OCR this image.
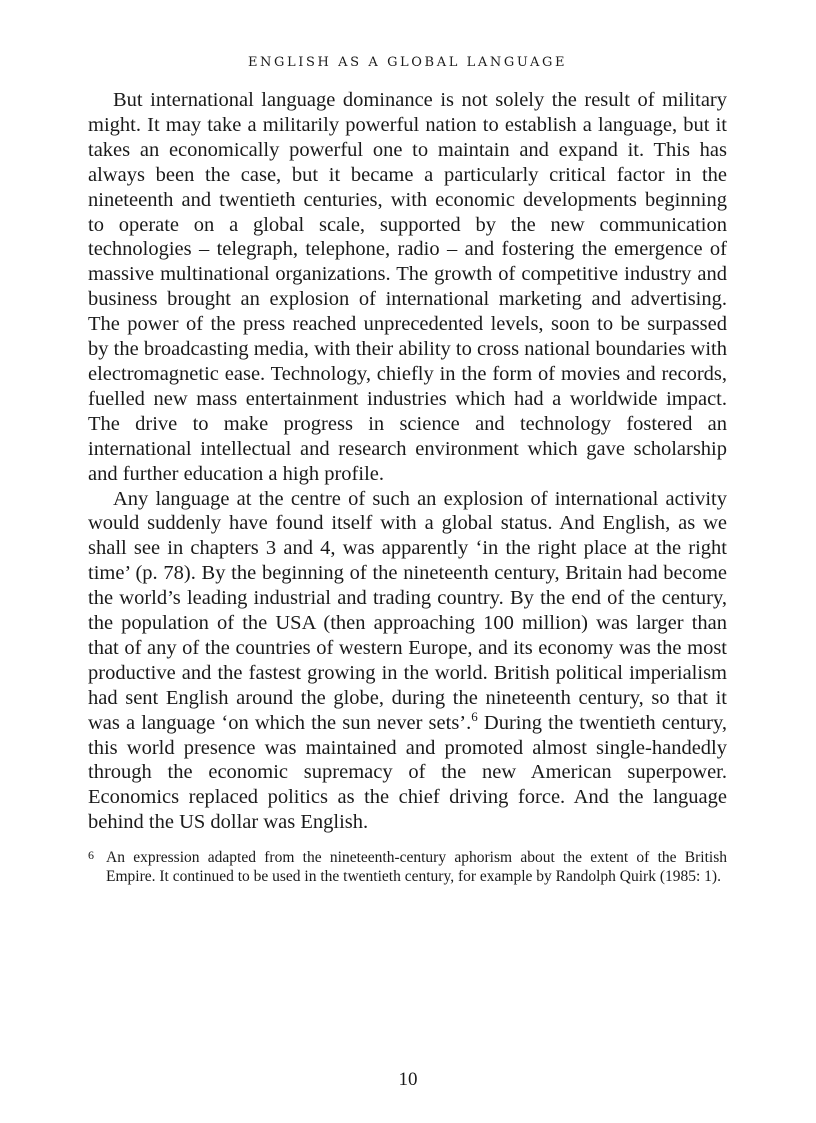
ENGLISH AS A GLOBAL LANGUAGE

But international language dominance is not solely the result of military might. It may take a militarily powerful nation to establish a language, but it takes an economically powerful one to maintain and expand it. This has always been the case, but it became a particularly critical factor in the nineteenth and twentieth centuries, with economic developments beginning to operate on a global scale, supported by the new communication technologies – telegraph, telephone, radio – and fostering the emergence of massive multinational organizations. The growth of competitive industry and business brought an explosion of international marketing and advertising. The power of the press reached unprecedented levels, soon to be surpassed by the broadcasting media, with their ability to cross national boundaries with electromagnetic ease. Technology, chiefly in the form of movies and records, fuelled new mass entertainment industries which had a worldwide impact. The drive to make progress in science and technology fostered an international intellectual and research environment which gave scholarship and further education a high profile.

Any language at the centre of such an explosion of international activity would suddenly have found itself with a global status. And English, as we shall see in chapters 3 and 4, was apparently ‘in the right place at the right time’ (p. 78). By the beginning of the nineteenth century, Britain had become the world’s leading industrial and trading country. By the end of the century, the population of the USA (then approaching 100 million) was larger than that of any of the countries of western Europe, and its economy was the most productive and the fastest growing in the world. British political imperialism had sent English around the globe, during the nineteenth century, so that it was a language ‘on which the sun never sets’.$^6$ During the twentieth century, this world presence was maintained and promoted almost single-handedly through the economic supremacy of the new American superpower. Economics replaced politics as the chief driving force. And the language behind the US dollar was English.

6 An expression adapted from the nineteenth-century aphorism about the extent of the British Empire. It continued to be used in the twentieth century, for example by Randolph Quirk (1985: 1).
10
